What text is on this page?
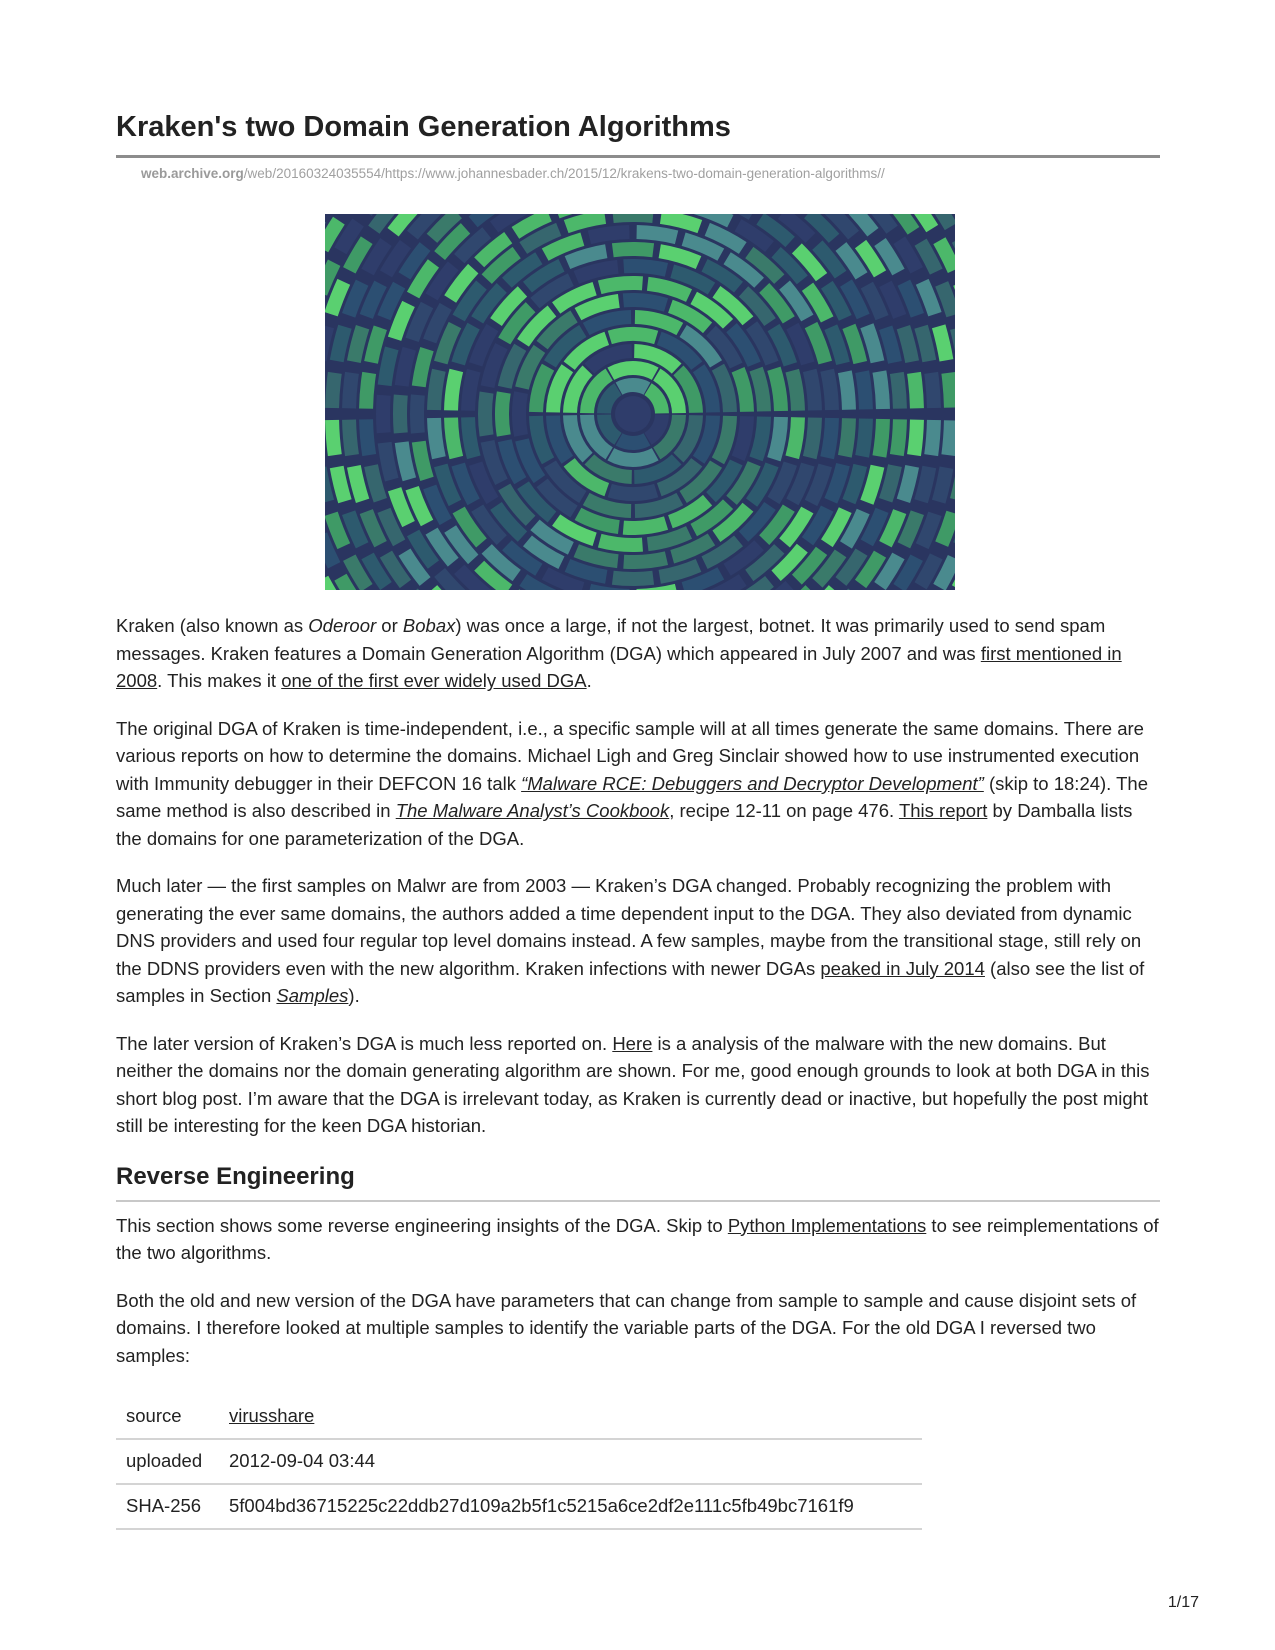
Kraken's two Domain Generation Algorithms
web.archive.org/web/20160324035554/https://www.johannesbader.ch/2015/12/krakens-two-domain-generation-algorithms//

Kraken (also known as Oderoor or Bobax) was once a large, if not the largest, botnet. It was primarily used to send spam messages. Kraken features a Domain Generation Algorithm (DGA) which appeared in July 2007 and was first mentioned in 2008. This makes it one of the first ever widely used DGA.

The original DGA of Kraken is time-independent, i.e., a specific sample will at all times generate the same domains. There are various reports on how to determine the domains. Michael Ligh and Greg Sinclair showed how to use instrumented execution with Immunity debugger in their DEFCON 16 talk “Malware RCE: Debuggers and Decryptor Development” (skip to 18:24). The same method is also described in The Malware Analyst’s Cookbook, recipe 12-11 on page 476. This report by Damballa lists the domains for one parameterization of the DGA.

Much later — the first samples on Malwr are from 2003 — Kraken’s DGA changed. Probably recognizing the problem with generating the ever same domains, the authors added a time dependent input to the DGA. They also deviated from dynamic DNS providers and used four regular top level domains instead. A few samples, maybe from the transitional stage, still rely on the DDNS providers even with the new algorithm. Kraken infections with newer DGAs peaked in July 2014 (also see the list of samples in Section Samples).

The later version of Kraken’s DGA is much less reported on. Here is a analysis of the malware with the new domains. But neither the domains nor the domain generating algorithm are shown. For me, good enough grounds to look at both DGA in this short blog post. I’m aware that the DGA is irrelevant today, as Kraken is currently dead or inactive, but hopefully the post might still be interesting for the keen DGA historian.

Reverse Engineering

This section shows some reverse engineering insights of the DGA. Skip to Python Implementations to see reimplementations of the two algorithms.

Both the old and new version of the DGA have parameters that can change from sample to sample and cause disjoint sets of domains. I therefore looked at multiple samples to identify the variable parts of the DGA. For the old DGA I reversed two samples:

source	virusshare
uploaded	2012-09-04 03:44
SHA-256	5f004bd36715225c22ddb27d109a2b5f1c5215a6ce2df2e111c5fb49bc7161f9
1/17
